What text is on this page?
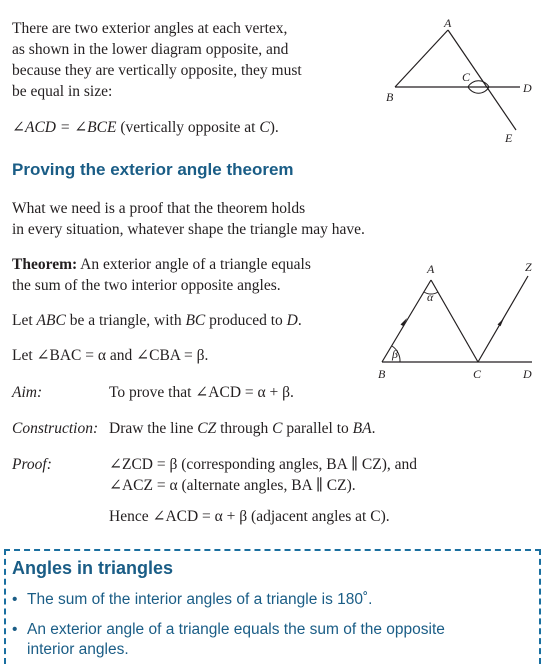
There are two exterior angles at each vertex,
as shown in the lower diagram opposite, and
because they are vertically opposite, they must
be equal in size:
∠ACD = ∠BCE (vertically opposite at C).
A
B
C
D
E
Proving the exterior angle theorem
What we need is a proof that the theorem holds
in every situation, whatever shape the triangle may have.
Theorem: An exterior angle of a triangle equals
the sum of the two interior opposite angles.
Let ABC be a triangle, with BC produced to D.
Let ∠BAC = α and ∠CBA = β.
Aim:	To prove that ∠ACD = α + β.
Construction: Draw the line CZ through C parallel to BA.
Proof:	∠ZCD = β (corresponding angles, BA ∥ CZ), and
∠ACZ = α (alternate angles, BA ∥ CZ).
Hence ∠ACD = α + β (adjacent angles at C).
A
B	C	D
Z
α
β
Angles in triangles
• The sum of the interior angles of a triangle is 180˚.
• An exterior angle of a triangle equals the sum of the opposite
interior angles.
